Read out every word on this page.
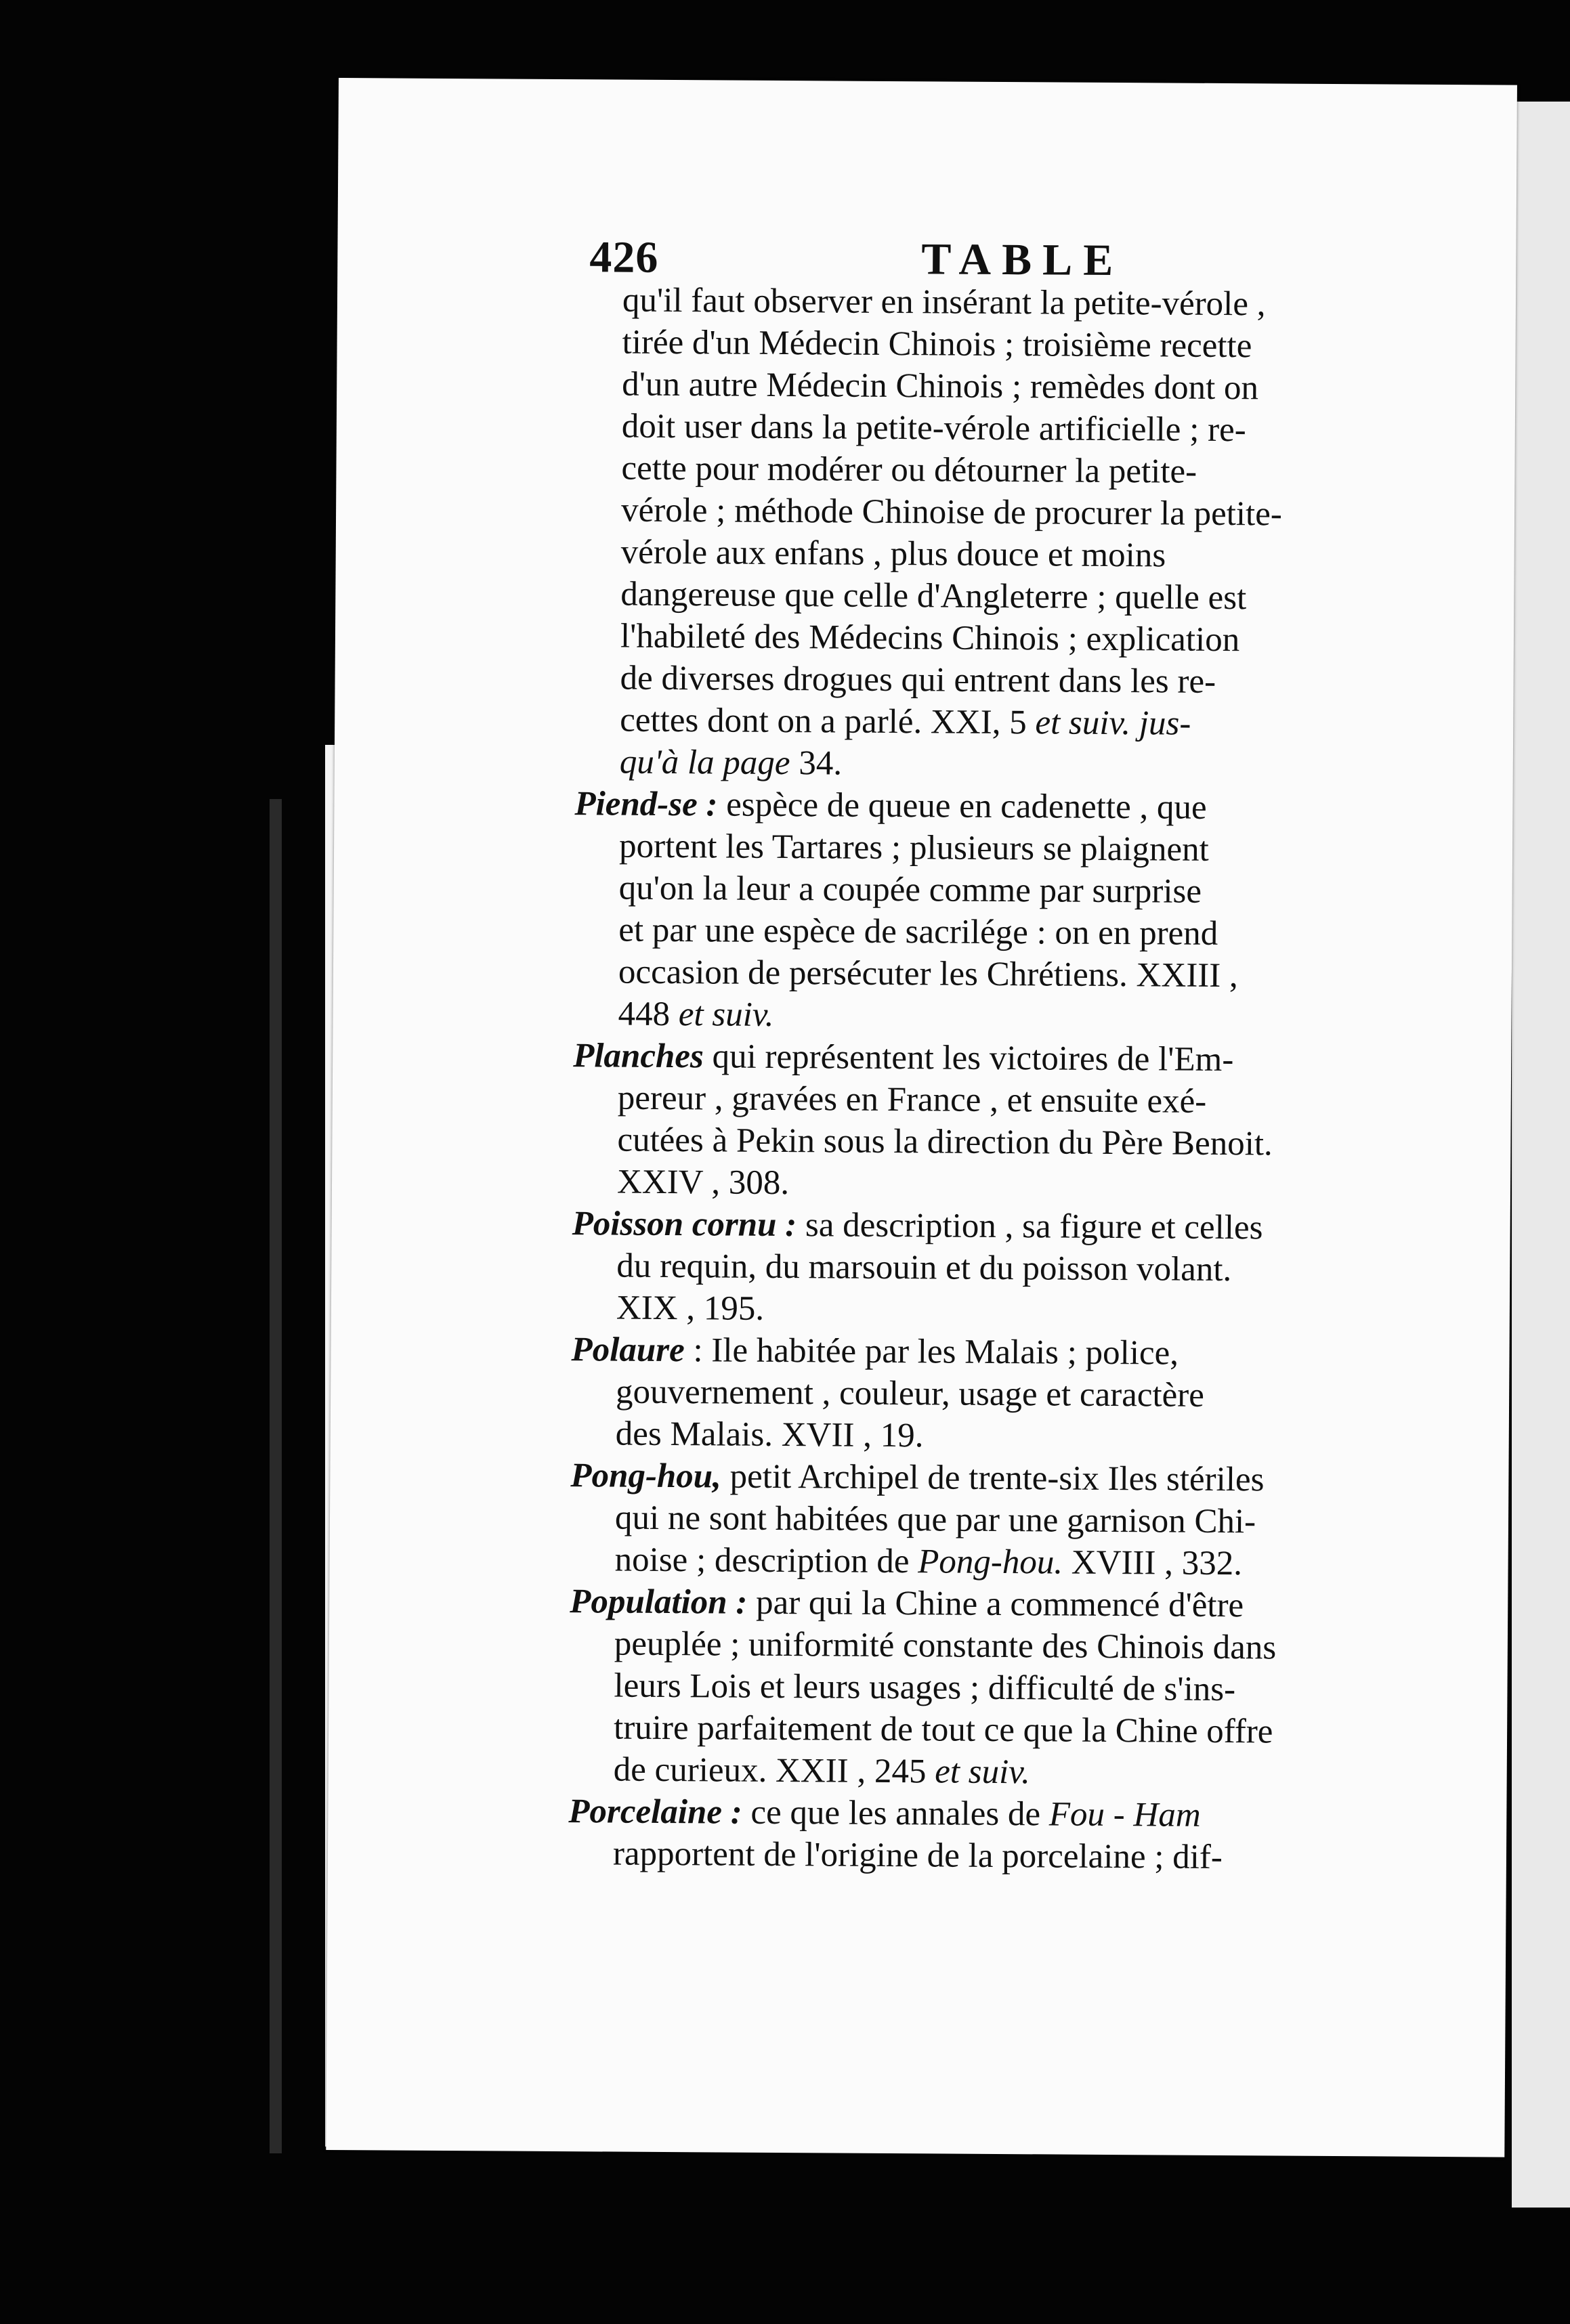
426	TABLE
qu'il faut observer en insérant la petite-vérole ,
tirée d'un Médecin Chinois ; troisième recette
d'un autre Médecin Chinois ; remèdes dont on
doit user dans la petite-vérole artificielle ; re-
cette pour modérer ou détourner la petite-
vérole ; méthode Chinoise de procurer la petite-
vérole aux enfans , plus douce et moins
dangereuse que celle d'Angleterre ; quelle est
l'habileté des Médecins Chinois ; explication
de diverses drogues qui entrent dans les re-
cettes dont on a parlé. XXI, 5 et suiv. jus-
qu'à la page 34.
Piend-se : espèce de queue en cadenette , que
portent les Tartares ; plusieurs se plaignent
qu'on la leur a coupée comme par surprise
et par une espèce de sacrilége : on en prend
occasion de persécuter les Chrétiens. XXIII ,
448 et suiv.
Planches qui représentent les victoires de l'Em-
pereur , gravées en France , et ensuite exé-
cutées à Pekin sous la direction du Père Benoit.
XXIV , 308.
Poisson cornu : sa description , sa figure et celles
du requin, du marsouin et du poisson volant.
XIX , 195.
Polaure : Ile habitée par les Malais ; police,
gouvernement , couleur, usage et caractère
des Malais. XVII , 19.
Pong-hou, petit Archipel de trente-six Iles stériles
qui ne sont habitées que par une garnison Chi-
noise ; description de Pong-hou. XVIII , 332.
Population : par qui la Chine a commencé d'être
peuplée ; uniformité constante des Chinois dans
leurs Lois et leurs usages ; difficulté de s'ins-
truire parfaitement de tout ce que la Chine offre
de curieux. XXII , 245 et suiv.
Porcelaine : ce que les annales de Fou - Ham
rapportent de l'origine de la porcelaine ; dif-
